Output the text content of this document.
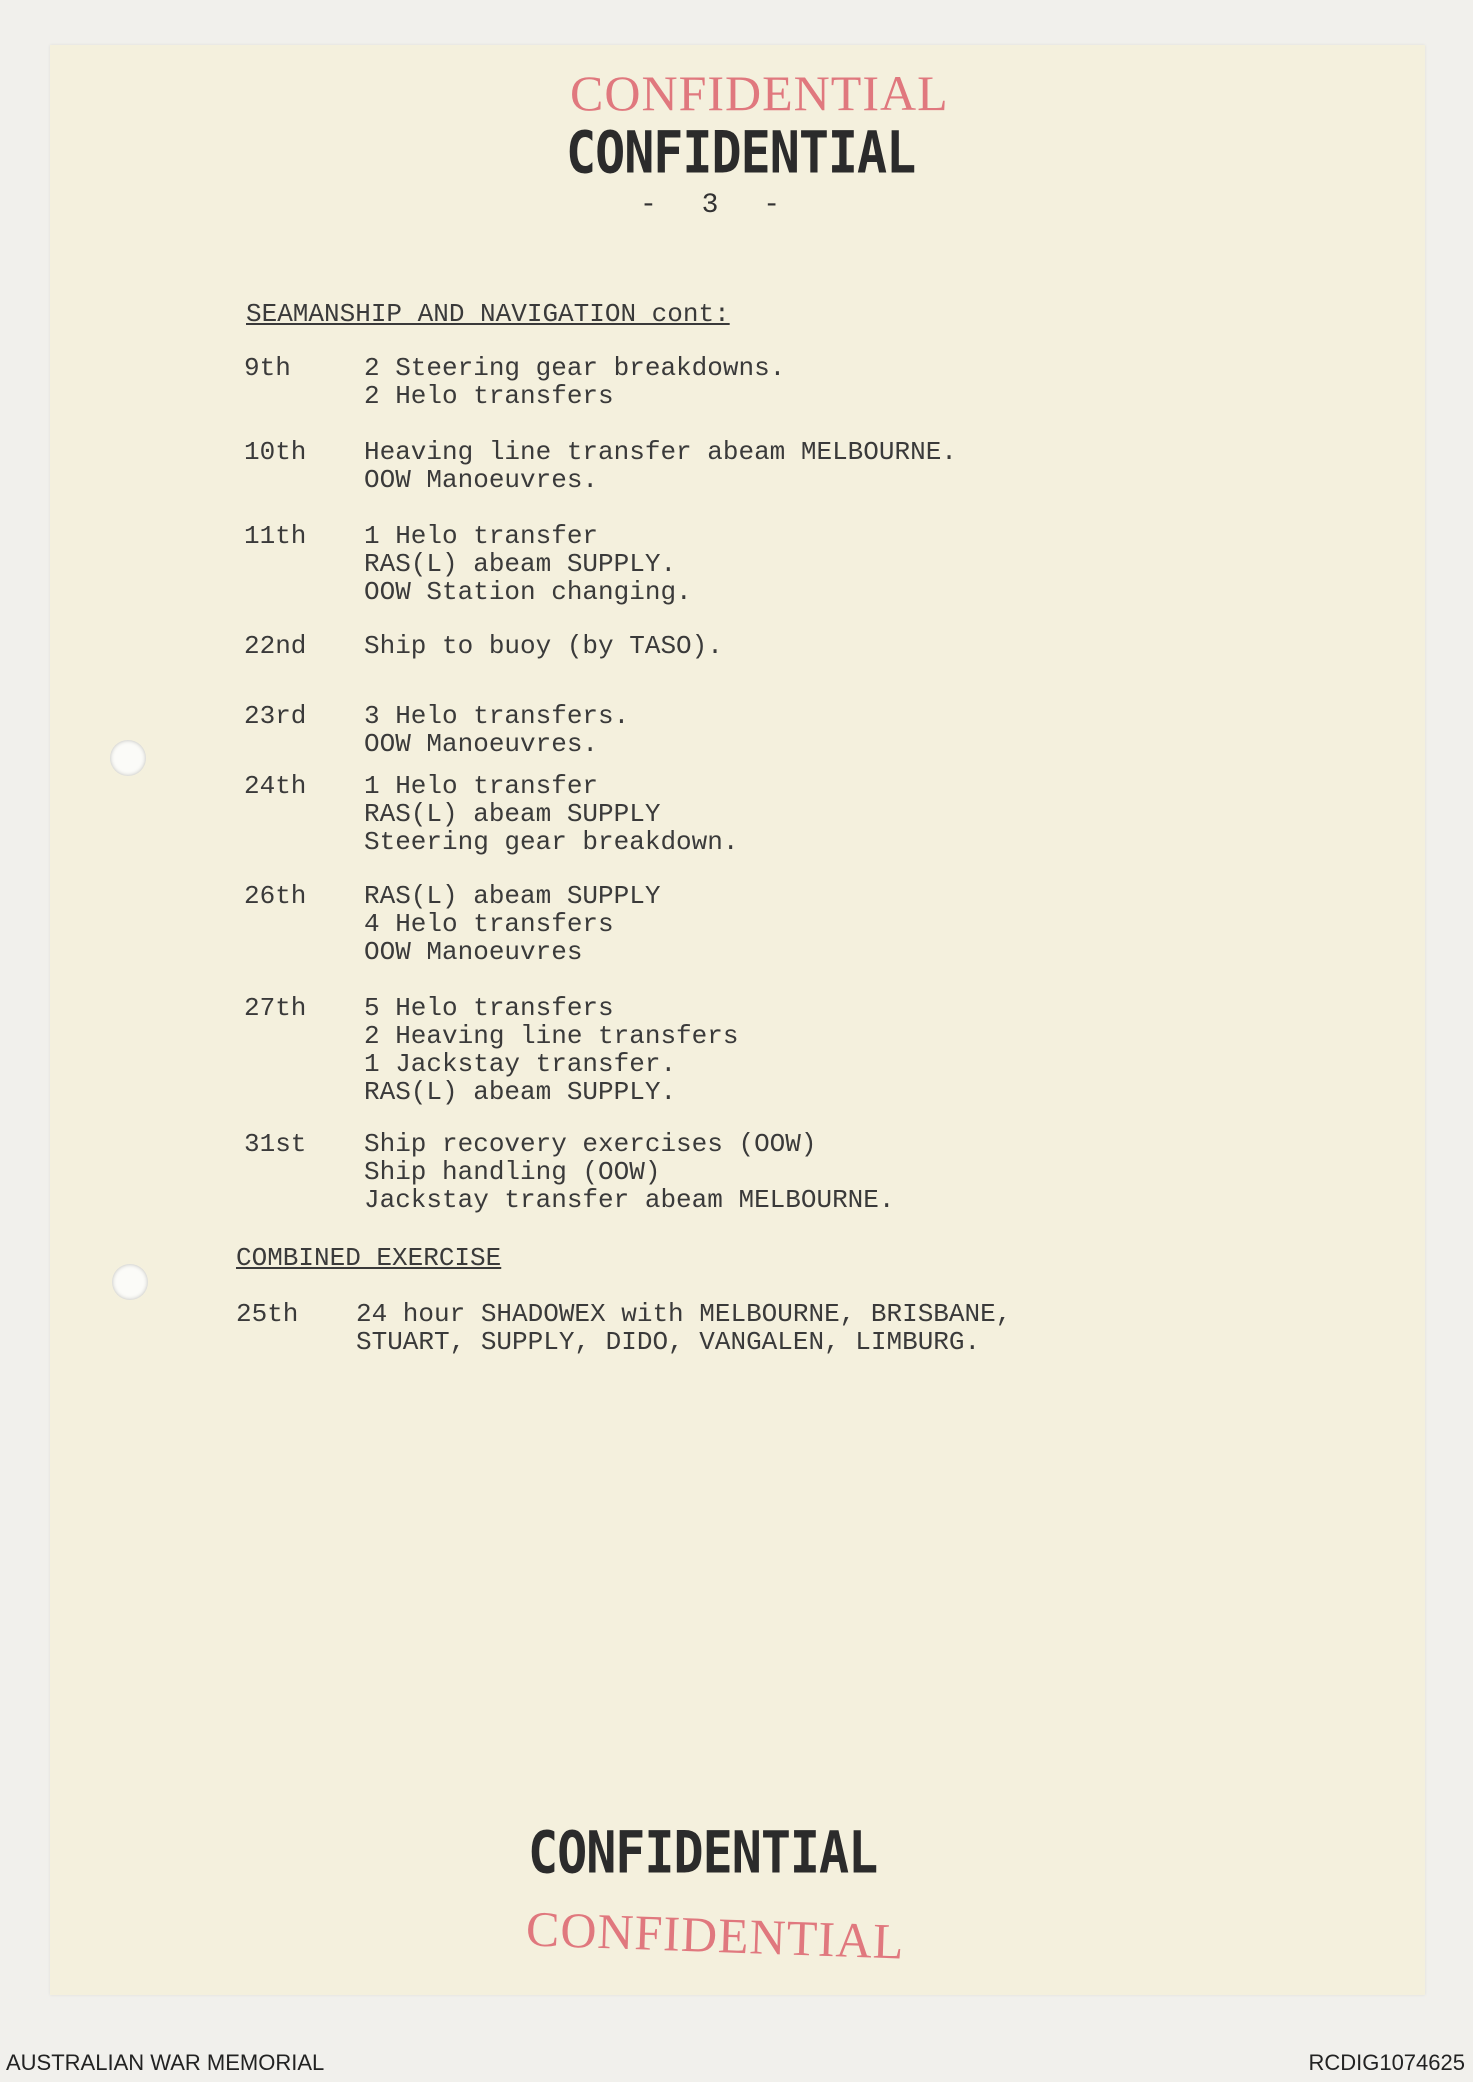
CONFIDENTIAL
CONFIDENTIAL
- 3 -
SEAMANSHIP AND NAVIGATION cont:
9th	2 Steering gear breakdowns.
2 Helo transfers
10th	Heaving line transfer abeam MELBOURNE.
OOW Manoeuvres.
11th	1 Helo transfer
RAS(L) abeam SUPPLY.
OOW Station changing.
22nd	Ship to buoy (by TASO).
23rd	3 Helo transfers.
OOW Manoeuvres.
24th	1 Helo transfer
RAS(L) abeam SUPPLY
Steering gear breakdown.
26th	RAS(L) abeam SUPPLY
4 Helo transfers
OOW Manoeuvres
27th	5 Helo transfers
2 Heaving line transfers
1 Jackstay transfer.
RAS(L) abeam SUPPLY.
31st	Ship recovery exercises (OOW)
Ship handling (OOW)
Jackstay transfer abeam MELBOURNE.
COMBINED EXERCISE
25th	24 hour SHADOWEX with MELBOURNE, BRISBANE,
STUART, SUPPLY, DIDO, VANGALEN, LIMBURG.
CONFIDENTIAL
CONFIDENTIAL
AUSTRALIAN WAR MEMORIAL	RCDIG1074625
